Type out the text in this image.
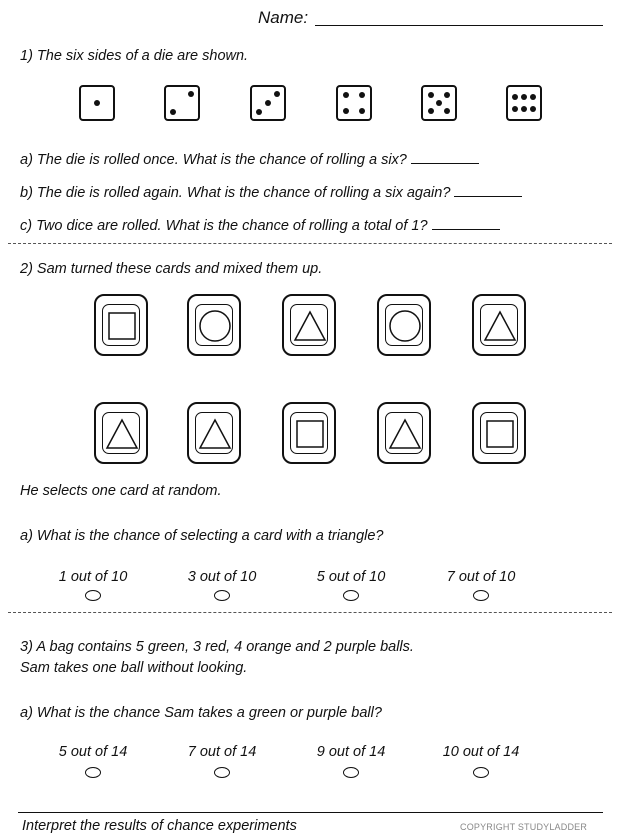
Name:
1) The six sides of a die are shown.
a) The die is rolled once. What is the chance of rolling a six?
b) The die is rolled again. What is the chance of rolling a six again?
c) Two dice are rolled. What is the chance of rolling a total of 1?
2) Sam turned these cards and mixed them up.
He selects one card at random.
a) What is the chance of selecting a card with a triangle?
1 out of 10	3 out of 10	5 out of 10	7 out of 10
3) A bag contains 5 green, 3 red, 4 orange and 2 purple balls.
Sam takes one ball without looking.
a) What is the chance Sam takes a green or purple ball?
5 out of 14	7 out of 14	9 out of 14	10 out of 14
Interpret the results of chance experiments	COPYRIGHT STUDYLADDER
